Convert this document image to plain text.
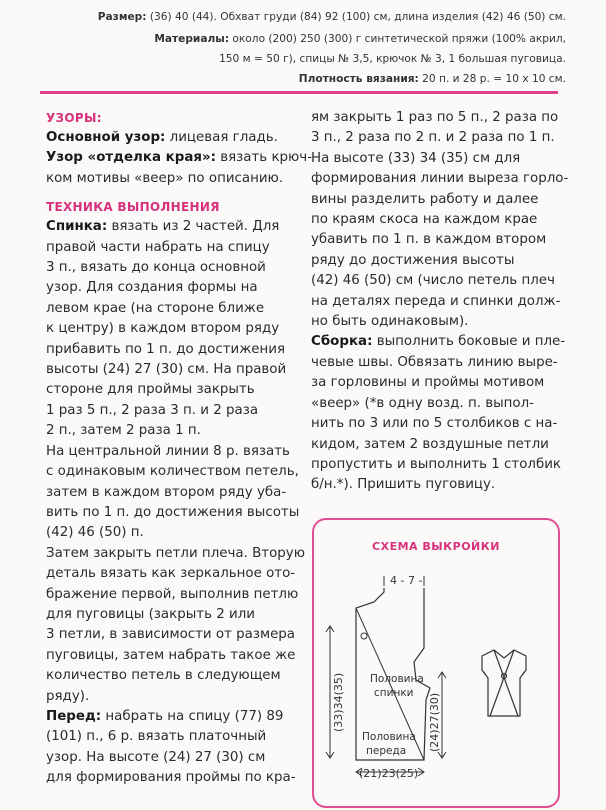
Размер: (36) 40 (44). Обхват груди (84) 92 (100) см, длина изделия (42) 46 (50) см.
Материалы: около (200) 250 (300) г синтетической пряжи (100% акрил,
150 м = 50 г), спицы № 3,5, крючок № 3, 1 большая пуговица.
Плотность вязания: 20 п. и 28 р. = 10 x 10 см.
УЗОРЫ:
Основной узор: лицевая гладь.
Узор «отделка края»: вязать крюч-
ком мотивы «веер» по описанию.
ТЕХНИКА ВЫПОЛНЕНИЯ
Спинка: вязать из 2 частей. Для
правой части набрать на спицу
3 п., вязать до конца основной
узор. Для создания формы на
левом крае (на стороне ближе
к центру) в каждом втором ряду
прибавить по 1 п. до достижения
высоты (24) 27 (30) см. На правой
стороне для проймы закрыть
1 раз 5 п., 2 раза 3 п. и 2 раза
2 п., затем 2 раза 1 п.
На центральной линии 8 р. вязать
с одинаковым количеством петель,
затем в каждом втором ряду убa-
вить по 1 п. до достижения высоты
(42) 46 (50) п.
Затем закрыть петли плеча. Вторую
деталь вязать как зеркальное ото-
бражение первой, выполнив петлю
для пуговицы (закрыть 2 или
3 петли, в зависимости от размера
пуговицы, затем набрать такое же
количество петель в следующем
ряду).
Перед: набрать на спицу (77) 89
(101) п., 6 р. вязать платочный
узор. На высоте (24) 27 (30) см
для формирования проймы по кра-
ям закрыть 1 раз по 5 п., 2 раза по
3 п., 2 раза по 2 п. и 2 раза по 1 п.
На высоте (33) 34 (35) см для
формирования линии выреза горло-
вины разделить работу и далее
по краям скоса на каждом крае
убавить по 1 п. в каждом втором
ряду до достижения высоты
(42) 46 (50) см (число петель плеч
на деталях переда и спинки долж-
но быть одинаковым).
Сборка: выполнить боковые и пле-
чевые швы. Обвязать линию выре-
за горловины и проймы мотивом
«веер» (*в одну возд. п. выпол-
нить по 3 или по 5 столбиков с на-
кидом, затем 2 воздушные петли
пропустить и выполнить 1 столбик
б/н.*). Пришить пуговицу.
СХЕМА ВЫКРОЙКИ
4 - 7 -
(33)34(35) Половина
спинки
Половина
переда (24)27(30)
(21)23(25)
